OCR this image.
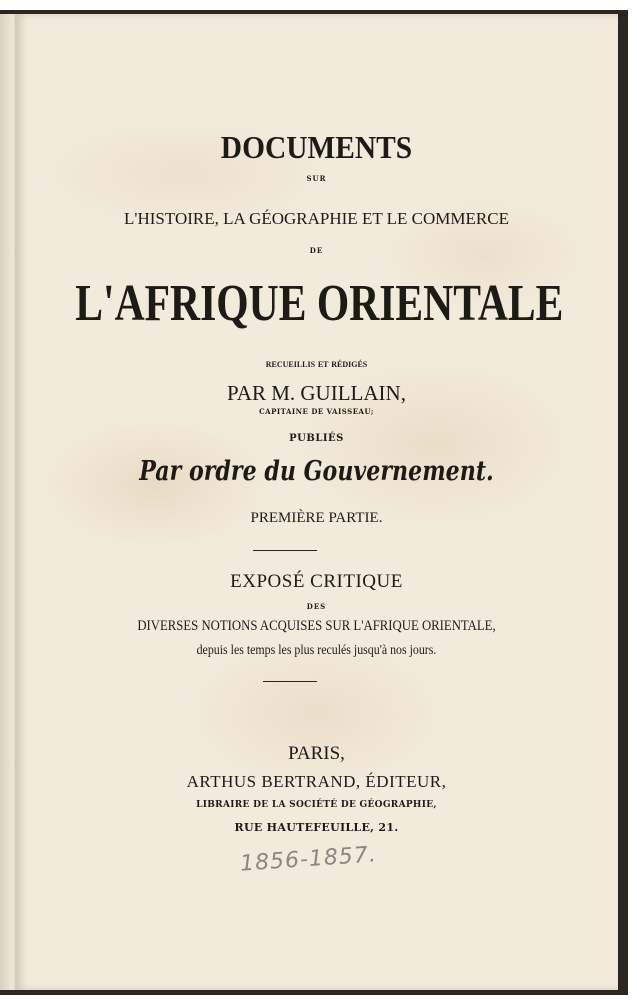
DOCUMENTS

SUR

L'HISTOIRE, LA GÉOGRAPHIE ET LE COMMERCE

DE

L'AFRIQUE ORIENTALE

recueillis et rédigés

PAR M. GUILLAIN,

CAPITAINE DE VAISSEAU;

PUBLIÉS

Par ordre du Gouvernement.

PREMIÈRE PARTIE.

EXPOSÉ CRITIQUE

DES

DIVERSES NOTIONS ACQUISES SUR L'AFRIQUE ORIENTALE,

depuis les temps les plus reculés jusqu'à nos jours.

PARIS,

ARTHUS BERTRAND, ÉDITEUR,

LIBRAIRE DE LA SOCIÉTÉ DE GÉOGRAPHIE,

RUE HAUTEFEUILLE, 21.

1856-1857.
